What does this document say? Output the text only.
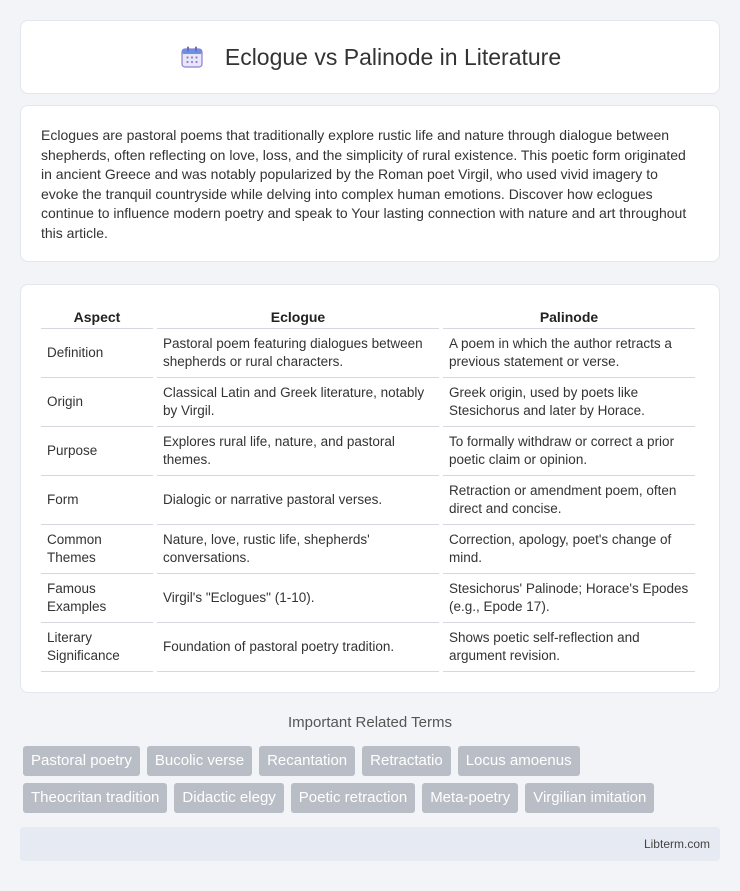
Eclogue vs Palinode in Literature

Eclogues are pastoral poems that traditionally explore rustic life and nature through dialogue between shepherds, often reflecting on love, loss, and the simplicity of rural existence. This poetic form originated in ancient Greece and was notably popularized by the Roman poet Virgil, who used vivid imagery to evoke the tranquil countryside while delving into complex human emotions. Discover how eclogues continue to influence modern poetry and speak to Your lasting connection with nature and art throughout this article.

Aspect	Eclogue	Palinode
Definition	Pastoral poem featuring dialogues between shepherds or rural characters.	A poem in which the author retracts a previous statement or verse.
Origin	Classical Latin and Greek literature, notably by Virgil.	Greek origin, used by poets like Stesichorus and later by Horace.
Purpose	Explores rural life, nature, and pastoral themes.	To formally withdraw or correct a prior poetic claim or opinion.
Form	Dialogic or narrative pastoral verses.	Retraction or amendment poem, often direct and concise.
Common Themes	Nature, love, rustic life, shepherds' conversations.	Correction, apology, poet's change of mind.
Famous Examples	Virgil's "Eclogues" (1-10).	Stesichorus' Palinode; Horace's Epodes (e.g., Epode 17).
Literary Significance	Foundation of pastoral poetry tradition.	Shows poetic self-reflection and argument revision.
Important Related Terms
Pastoral poetry	Bucolic verse	Recantation	Retractatio	Locus amoenus
Theocritan tradition	Didactic elegy	Poetic retraction	Meta-poetry	Virgilian imitation
Libterm.com
